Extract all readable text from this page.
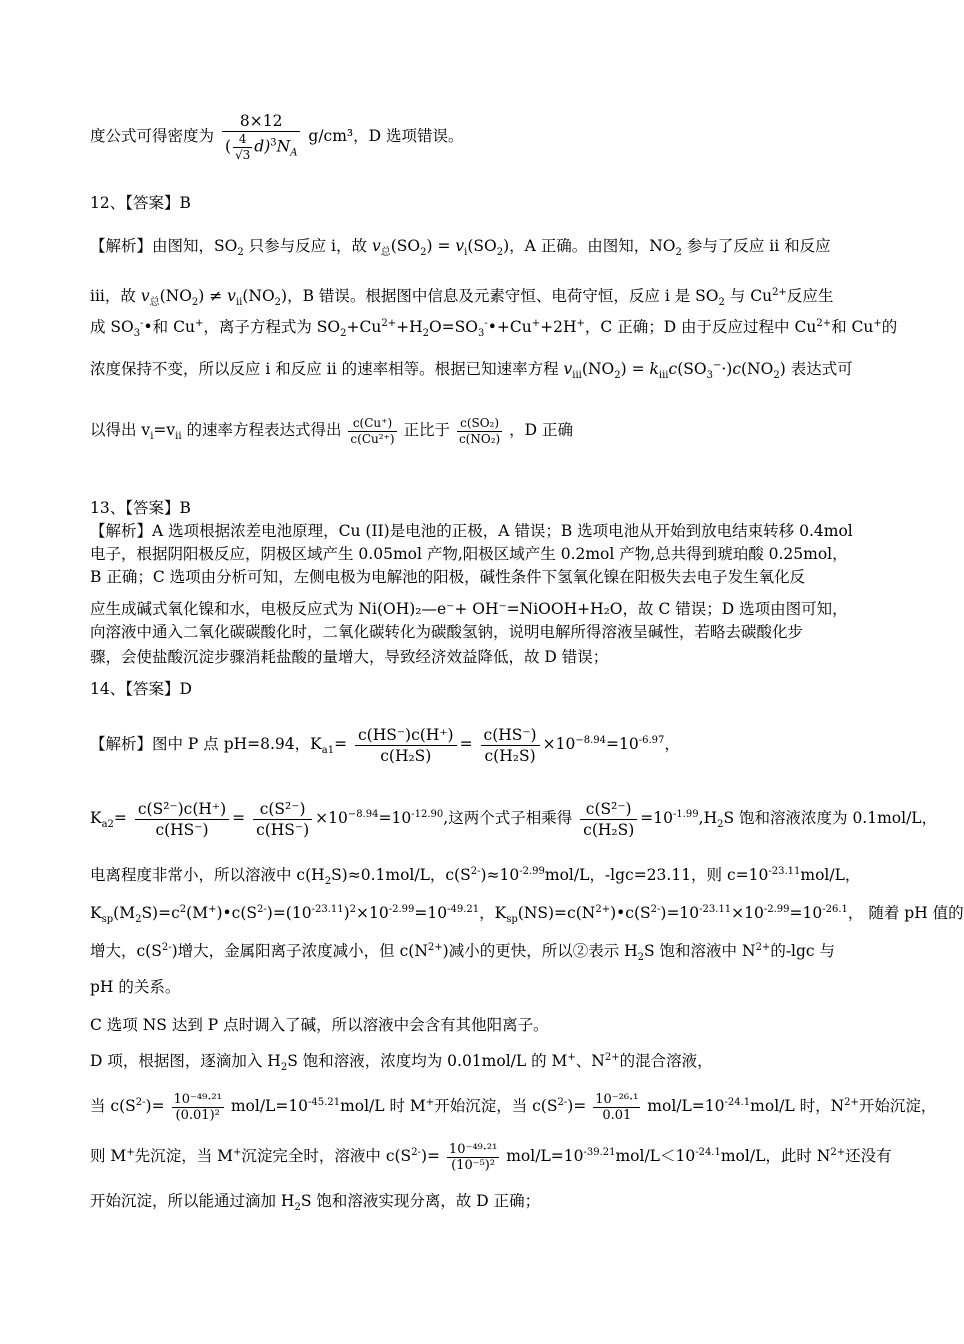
度公式可得密度为 $\frac{8\times 12}{( \frac{4}{√3} d)^3N_A} g/cm^3$，D 选项错误。
12、【答案】B
【解析】由图知，$SO_2$ 只参与反应 i，故 $v_总(SO_2) = v_i(SO_2)$，A 正确。由图知，$NO_2$ 参与了反应 ii 和反应
iii，故 $v_总(NO_2) \ne v_{ii}(NO_2)$，B 错误。根据图中信息及元素守恒、电荷守恒，反应 i 是 $SO_2$ 与 $Cu^{2+}$反应生
成 $SO_3^-•$和 Cu+，离子方程式为 $SO_2+Cu^{2+}+H_2O=SO_3^-•+Cu^++2H^+$，C 正确；D 由于反应过程中 $Cu^{2+}$和 Cu+的
浓度保持不变，所以反应 i 和反应 ii 的速率相等。根据已知速率方程 $v_{iii}(NO_2) = k_{iii}c(SO_3^-\cdot)c(NO_2)$ 表达式可
以得出 $v_i=v_{ii}$ 的速率方程表达式得出 $\frac{c(Cu^+)}{\text{c(Cu²⁺)}}$ 正比于 $\frac{\text{c(SO₂)}}{\text{c(NO₂)}}$ ，D 正确
13、【答案】B
【解析】A 选项根据浓差电池原理，Cu (II)是电池的正极，A 错误；B 选项电池从开始到放电结束转移 0.4mol
电子，根据阴阳极反应，阴极区域产生 0.05mol 产物,阳极区域产生 0.2mol 产物,总共得到琥珀酸 0.25mol，
B 正确；C 选项由分析可知，左侧电极为电解池的阳极，碱性条件下氢氧化镍在阳极失去电子发生氧化反
应生成碱式氧化镍和水，电极反应式为 Ni(OH)₂—e⁻+ OH⁻=NiOOH+H₂O，故 C 错误；D 选项由图可知，
向溶液中通入二氧化碳碳酸化时，二氧化碳转化为碳酸氢钠，说明电解所得溶液呈碱性，若略去碳酸化步
骤，会使盐酸沉淀步骤消耗盐酸的量增大，导致经济效益降低，故 D 错误；
14、【答案】D
【解析】图中 P 点 pH=8.94，$K_{a1}= \frac{c(HS^-)c(H^+)}{\text{c(H₂S)}} = \frac{c(HS^-)}{\text{c(H₂S)}} \times 10^{-8.94}=10^{-6.97}$，
$K_{a2}= \frac{\text{c(S²⁻)c(H⁺)}}{c(HS^-)} = \frac{\text{c(S²⁻)}}{c(HS^-)} \times 10^{-8.94}=10^{-12.90}$,这两个式子相乘得 $\frac{\text{c(S²⁻)}}{\text{c(H₂S)}} =10^{-1.99},H_2S$ 饱和溶液浓度为 0.1mol/L，
电离程度非常小，所以溶液中 $c(H_2S)\approx 0.1mol/L$，$c(S^{2-})\approx 10^{-2.99}mol/L$，-lgc=23.11，则 $c=10^{-23.11}mol/L$，
$K_{sp}(M_2S)=c^2(M^+)•c(S^{2-})=(10^{-23.11})^2\times 10^{-2.99}=10^{-49.21}$，$K_{sp}(NS)=c(N^{2+})•c(S^{2-})=10^{-23.11}\times 10^{-2.99}=10^{-26.1}$， 随着 pH 值的
增大，$c(S^{2-})$增大，金属阳离子浓度减小，但 $c(N^{2+})$减小的更快，所以②表示 $H_2S$ 饱和溶液中 $N^{2+}$的-lgc 与
pH 的关系。
C 选项 NS 达到 P 点时调入了碱，所以溶液中会含有其他阳离子。
D 项，根据图，逐滴加入 $H_2S$ 饱和溶液，浓度均为 0.01mol/L 的 M+、$N^{2+}$的混合溶液，
当 $c(S^{2-})= \frac{\text{10⁻⁴⁹·²¹}}{\text{(0.01)²}} mol/L=10^{-45.21}mol/L$ 时 M+开始沉淀，当 $c(S^{2-})= \frac{\text{10⁻²⁶·¹}}{0.01} mol/L=10^{-24.1}mol/L$ 时，$N^{2+}$开始沉淀，
则 M+先沉淀，当 M+沉淀完全时，溶液中 $c(S^{2-})= \frac{\text{10⁻⁴⁹·²¹}}{\text{(10⁻⁵)²}} mol/L=10^{-39.21}mol/L<10^{-24.1}mol/L$，此时 $N^{2+}$还没有
开始沉淀，所以能通过滴加 $H_2S$ 饱和溶液实现分离，故 D 正确；
